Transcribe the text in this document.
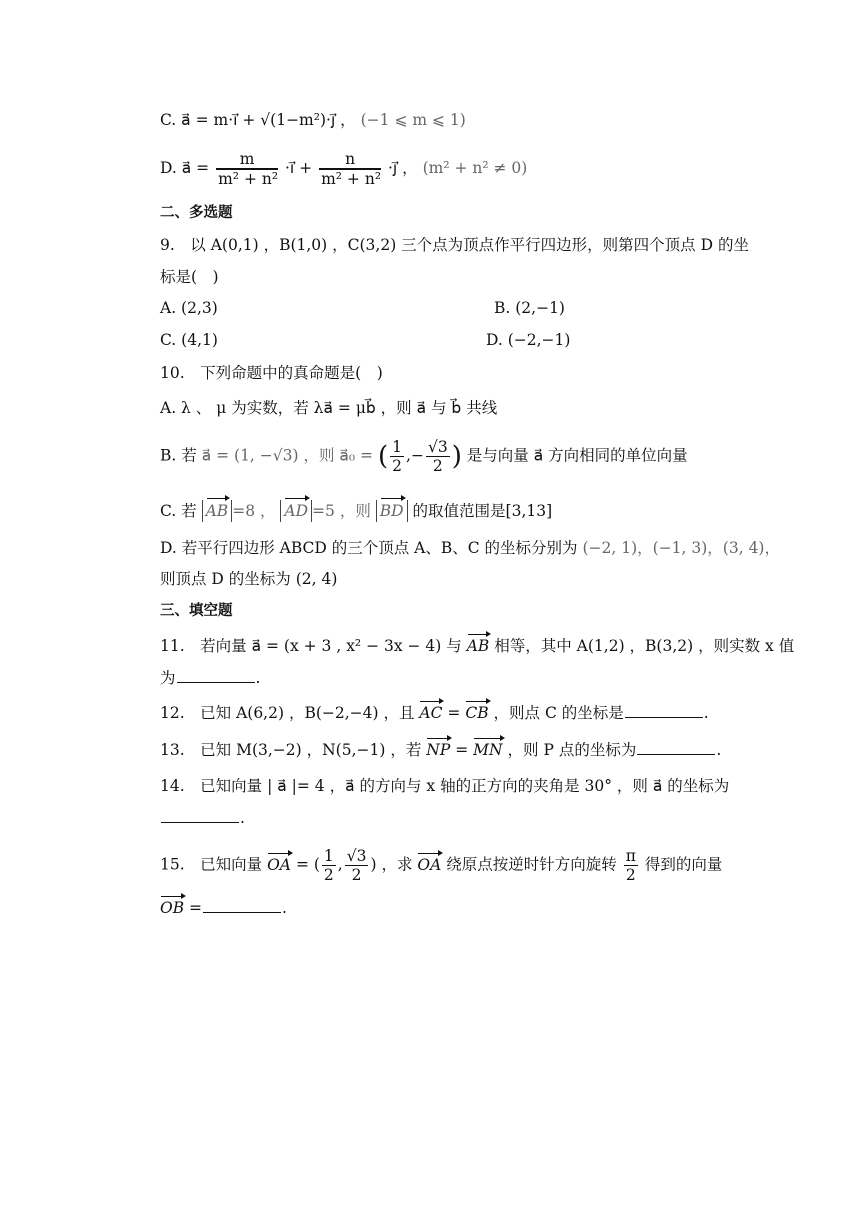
C. a⃗ = m·i⃗ + √(1−m²)·j⃗ ， (−1 ⩽ m ⩽ 1)
D. a⃗ = $\frac{m}{\text{m² + n²}}$ ·i⃗ + $\frac{n}{\text{m² + n²}}$ ·j⃗ ， (m² + n² ≠ 0)
二、多选题
9.　以 A(0,1) ，B(1,0) ，C(3,2) 三个点为顶点作平行四边形，则第四个顶点 D 的坐
标是(　)
A. (2,3)	B. (2,−1)
C. (4,1)	D. (−2,−1)
10.　下列命题中的真命题是(　)
A. λ 、 μ 为实数，若 λa⃗ = μb⃗ ，则 a⃗ 与 b⃗ 共线
B. 若 a⃗ = (1, −√3) ，则 a⃗₀ = ( $\frac{1}{2}$ ,− $\frac{√3}{2}$ ) 是与向量 a⃗ 方向相同的单位向量
C. 若 AB =8 ， AD =5 ，则 BD 的取值范围是[3,13]
D. 若平行四边形 ABCD 的三个顶点 A、B、C 的坐标分别为 (−2, 1)，(−1, 3)，(3, 4)，
则顶点 D 的坐标为 (2, 4)
三、填空题
11.　若向量 a⃗ = (x + 3 , x² − 3x − 4) 与 AB 相等，其中 A(1,2) ，B(3,2) ，则实数 x 值
为	.
12.　已知 A(6,2) ，B(−2,−4) ，且 AC = CB ，则点 C 的坐标是	.
13.　已知 M(3,−2) ，N(5,−1) ，若 NP = MN ，则 P 点的坐标为	.
14.　已知向量 | a⃗ |= 4 ，a⃗ 的方向与 x 轴的正方向的夹角是 30° ，则 a⃗ 的坐标为
.
15.　已知向量 OA = ( $\frac{1}{2}$ , $\frac{√3}{2}$ ) ，求 OA 绕原点按逆时针方向旋转 $\frac{\pi}{2}$ 得到的向量
OB =	.
